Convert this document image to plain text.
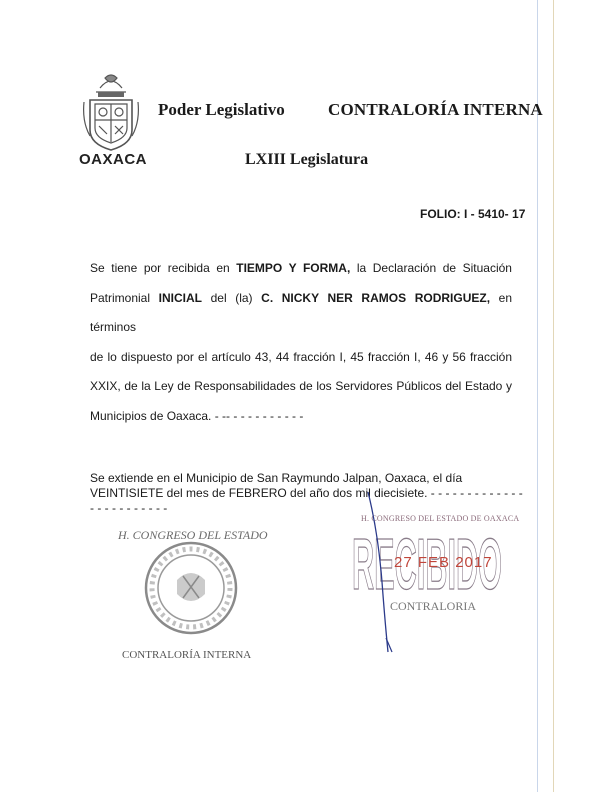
OAXACA
Poder Legislativo	CONTRALORÍA INTERNA
LXIII Legislatura
FOLIO: I - 5410- 17
Se tiene por recibida en TIEMPO Y FORMA, la Declaración de Situación
Patrimonial INICIAL del (la) C. NICKY NER RAMOS RODRIGUEZ, en términos
de lo dispuesto por el artículo 43, 44 fracción I, 45 fracción I, 46 y 56 fracción
XXIX, de la Ley de Responsabilidades de los Servidores Públicos del Estado y
Municipios de Oaxaca. - -- - - - - - - - - - -
Se extiende en el Municipio de San Raymundo Jalpan, Oaxaca, el día
VEINTISIETE del mes de FEBRERO del año dos mil diecisiete. - - - - - - - - - - - - -
- - - - - - - - - - -
H. CONGRESO DEL ESTADO
CONTRALORÍA INTERNA
H. CONGRESO DEL ESTADO DE OAXACA
RECIBIDO
27 FEB 2017
CONTRALORIA
